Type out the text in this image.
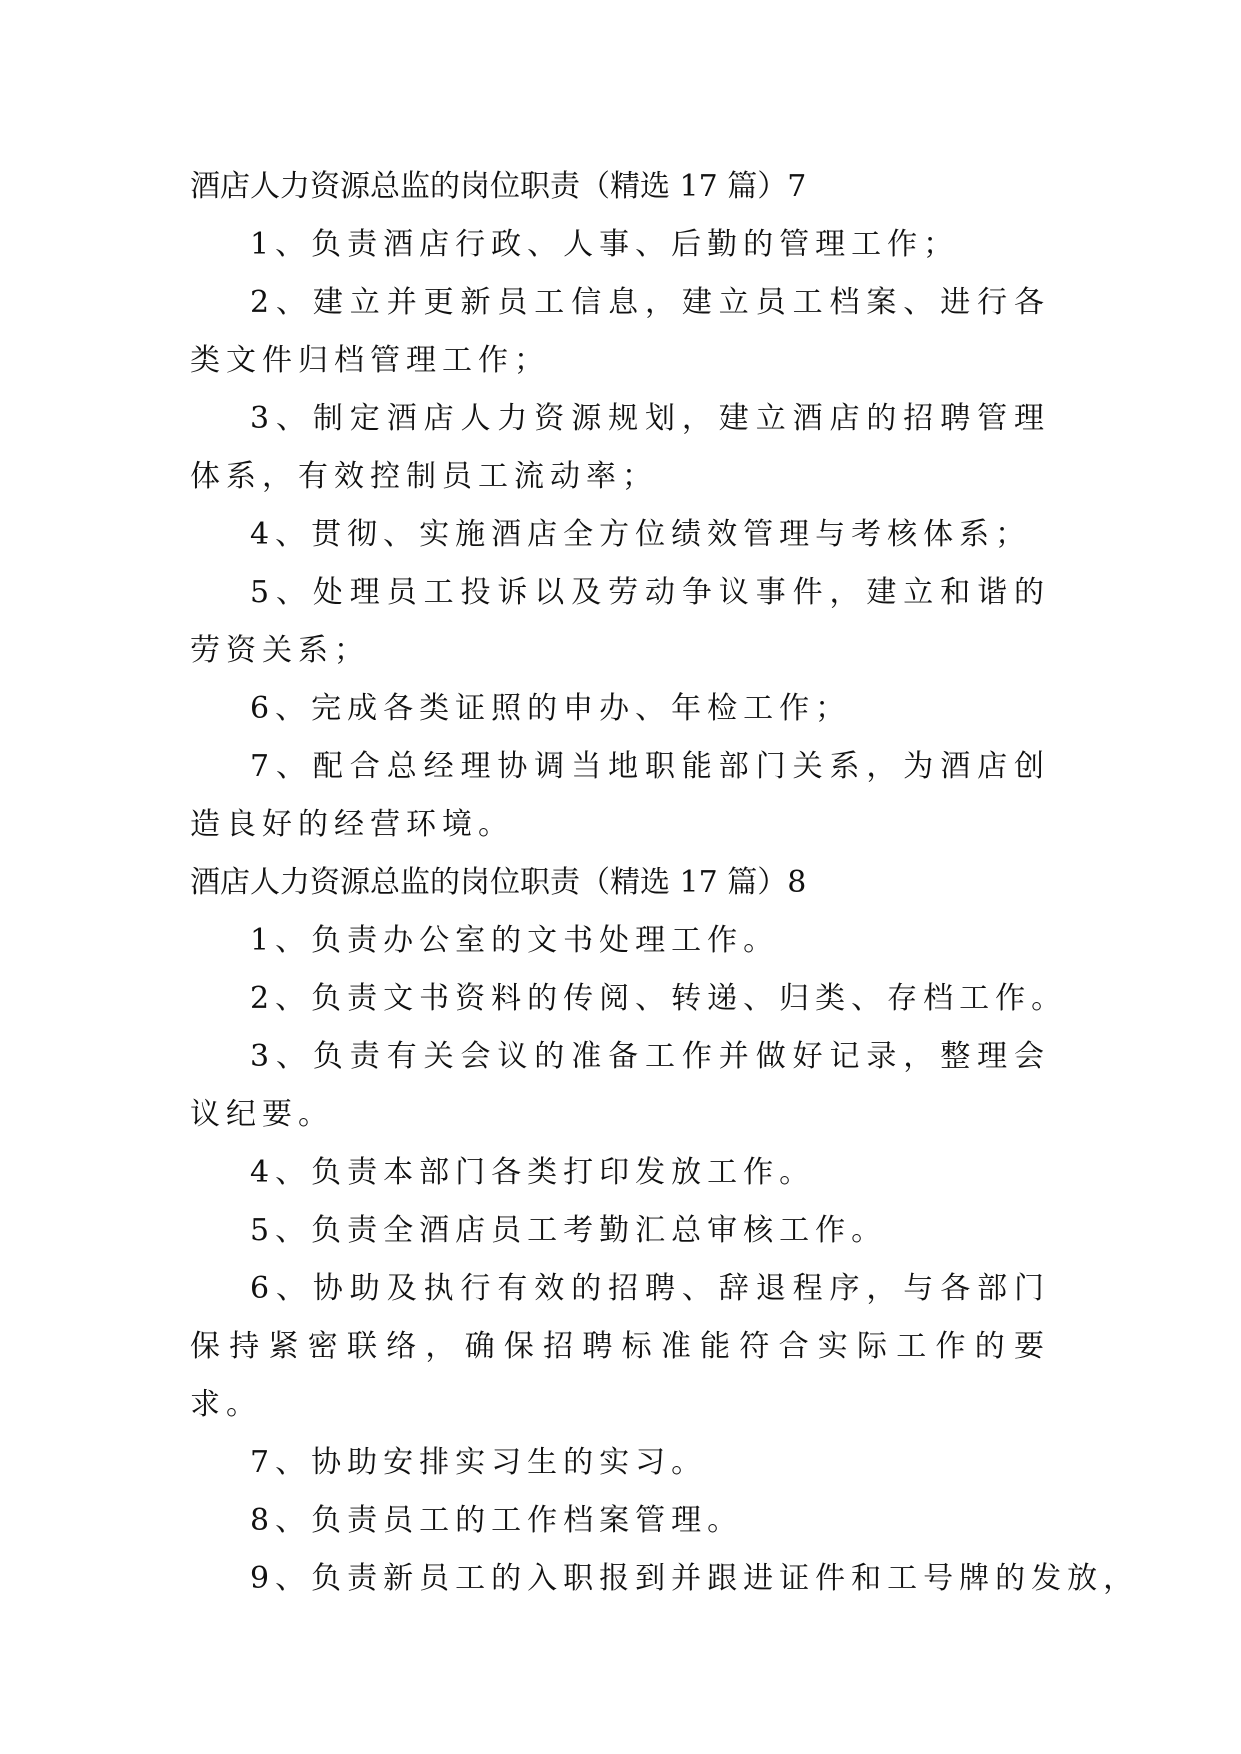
酒店人力资源总监的岗位职责（精选 17 篇）7

1、负责酒店行政、人事、后勤的管理工作；

2、建立并更新员工信息，建立员工档案、进行各类文件归档管理工作；

3、制定酒店人力资源规划，建立酒店的招聘管理体系，有效控制员工流动率；

4、贯彻、实施酒店全方位绩效管理与考核体系；

5、处理员工投诉以及劳动争议事件，建立和谐的劳资关系；

6、完成各类证照的申办、年检工作；

7、配合总经理协调当地职能部门关系，为酒店创造良好的经营环境。

酒店人力资源总监的岗位职责（精选 17 篇）8

1、负责办公室的文书处理工作。

2、负责文书资料的传阅、转递、归类、存档工作。

3、负责有关会议的准备工作并做好记录，整理会议纪要。

4、负责本部门各类打印发放工作。

5、负责全酒店员工考勤汇总审核工作。

6、协助及执行有效的招聘、辞退程序，与各部门保持紧密联络，确保招聘标准能符合实际工作的要求。

7、协助安排实习生的实习。

8、负责员工的工作档案管理。

9、负责新员工的入职报到并跟进证件和工号牌的发放，
